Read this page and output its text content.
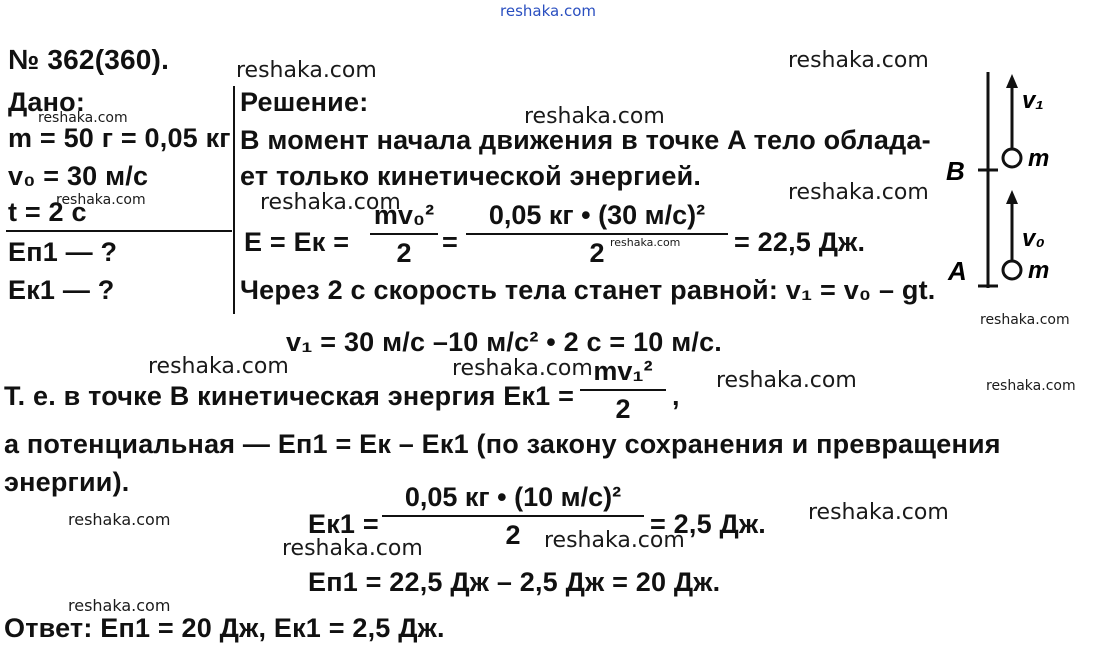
reshaka.com
№ 362(360).
Дано:
m = 50 г = 0,05 кг
v₀ = 30 м/с
t = 2 с
Eп1 — ?
Eк1 — ?
Решение:
В момент начала движения в точке A тело облада-
ет только кинетической энергией.
E = Eк =
mv₀²
2	=
0,05 кг • (30 м/с)²
2	= 22,5 Дж.
Через 2 с скорость тела станет равной: v₁ = v₀ – gt.
v₁ = 30 м/с –10 м/с² • 2 с = 10 м/с.
Т. е. в точке B кинетическая энергия Eк1 =
mv₁²
2	,
а потенциальная — Eп1 = Eк – Eк1 (по закону сохранения и превращения
энергии).
Eк1 =
0,05 кг • (10 м/с)²
2	= 2,5 Дж.
Eп1 = 22,5 Дж – 2,5 Дж = 20 Дж.
Ответ: Eп1 = 20 Дж, Eк1 = 2,5 Дж.
B
A
m
m
v₁
v₀
reshaka.com	reshaka.com
reshaka.com	reshaka.com
reshaka.com	reshaka.com	reshaka.com
reshaka.com
reshaka.com
reshaka.com	reshaka.com	reshaka.com	reshaka.com
reshaka.com
reshaka.com
reshaka.com	reshaka.com
reshaka.com
